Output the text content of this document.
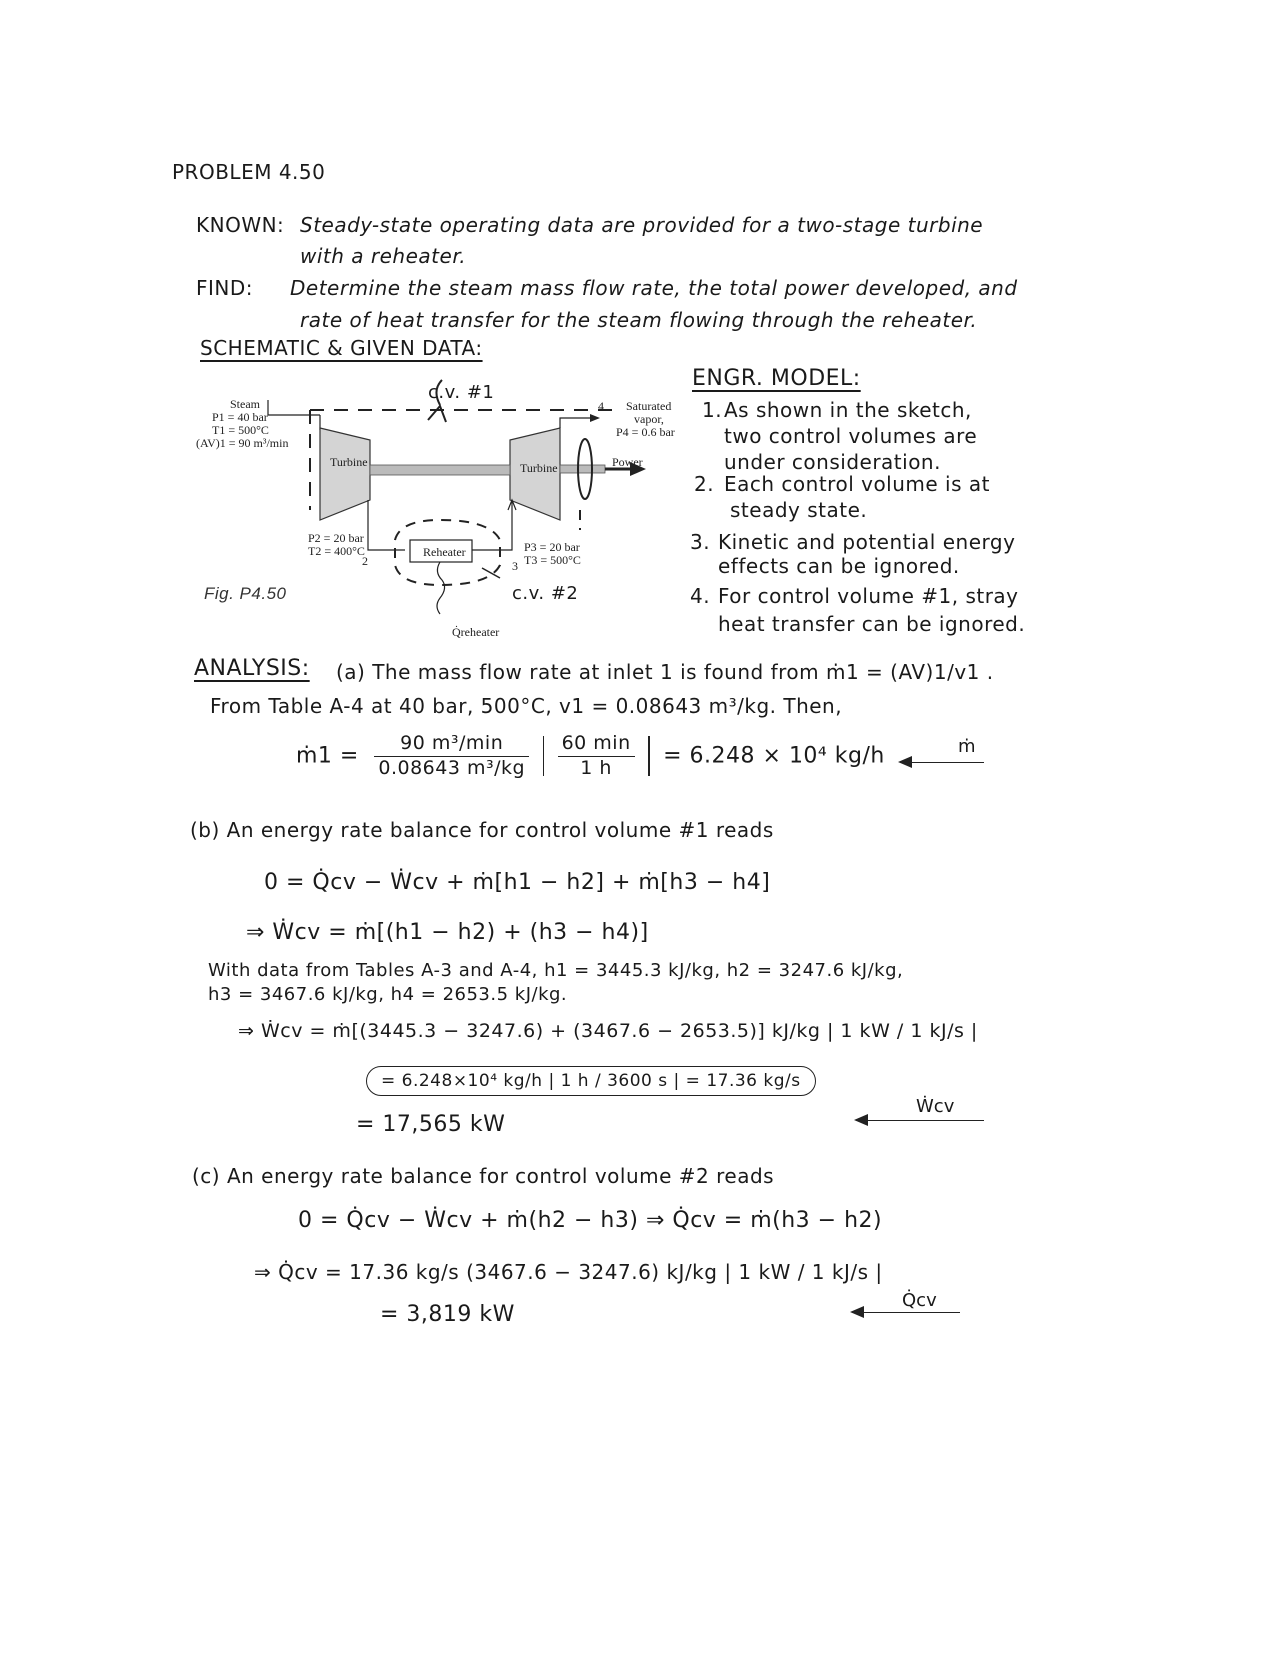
PROBLEM 4.50
KNOWN: Steady-state operating data are provided for a two-stage turbine
with a reheater.
FIND: Determine the steam mass flow rate, the total power developed, and
rate of heat transfer for the steam flowing through the reheater.
SCHEMATIC & GIVEN DATA:
c.v. #1
Steam
P1 = 40 bar
T1 = 500°C
(AV)1 = 90 m³/min
Turbine	Turbine
Saturated
vapor,
P4 = 0.6 bar
4
Power
P2 = 20 bar
T2 = 400°C
2
Reheater
3
P3 = 20 bar
T3 = 500°C
c.v. #2
Q̇reheater
Fig. P4.50
ENGR. MODEL:
1. As shown in the sketch,
two control volumes are
under consideration.
2. Each control volume is at
steady state.
3. Kinetic and potential energy
effects can be ignored.
4. For control volume #1, stray
heat transfer can be ignored.
ANALYSIS: (a) The mass flow rate at inlet 1 is found from ṁ1 = (AV)1/v1 .
From Table A-4 at 40 bar, 500°C, v1 = 0.08643 m³/kg. Then,
ṁ1 = $\frac{\text{90 m³/min}}{\text{0.08643 m³/kg}}$
$\frac{60 \min}{1 h} = 6.248 \times 10^4$ kg/h	ṁ
(b) An energy rate balance for control volume #1 reads
0 = Q̇cv − Ẇcv + ṁ[h1 − h2] + ṁ[h3 − h4]
⇒ Ẇcv = ṁ[(h1 − h2) + (h3 − h4)]
With data from Tables A-3 and A-4, h1 = 3445.3 kJ/kg, h2 = 3247.6 kJ/kg,
h3 = 3467.6 kJ/kg, h4 = 2653.5 kJ/kg.
⇒ Ẇcv = ṁ[(3445.3 − 3247.6) + (3467.6 − 2653.5)] kJ/kg | 1 kW / 1 kJ/s |
= 6.248×10⁴ kg/h | 1 h / 3600 s | = 17.36 kg/s
= 17,565 kW
Ẇcv
(c) An energy rate balance for control volume #2 reads
0 = Q̇cv − Ẇcv + ṁ(h2 − h3) ⇒ Q̇cv = ṁ(h3 − h2)
⇒ Q̇cv = 17.36 kg/s (3467.6 − 3247.6) kJ/kg | 1 kW / 1 kJ/s |
= 3,819 kW
Q̇cv
